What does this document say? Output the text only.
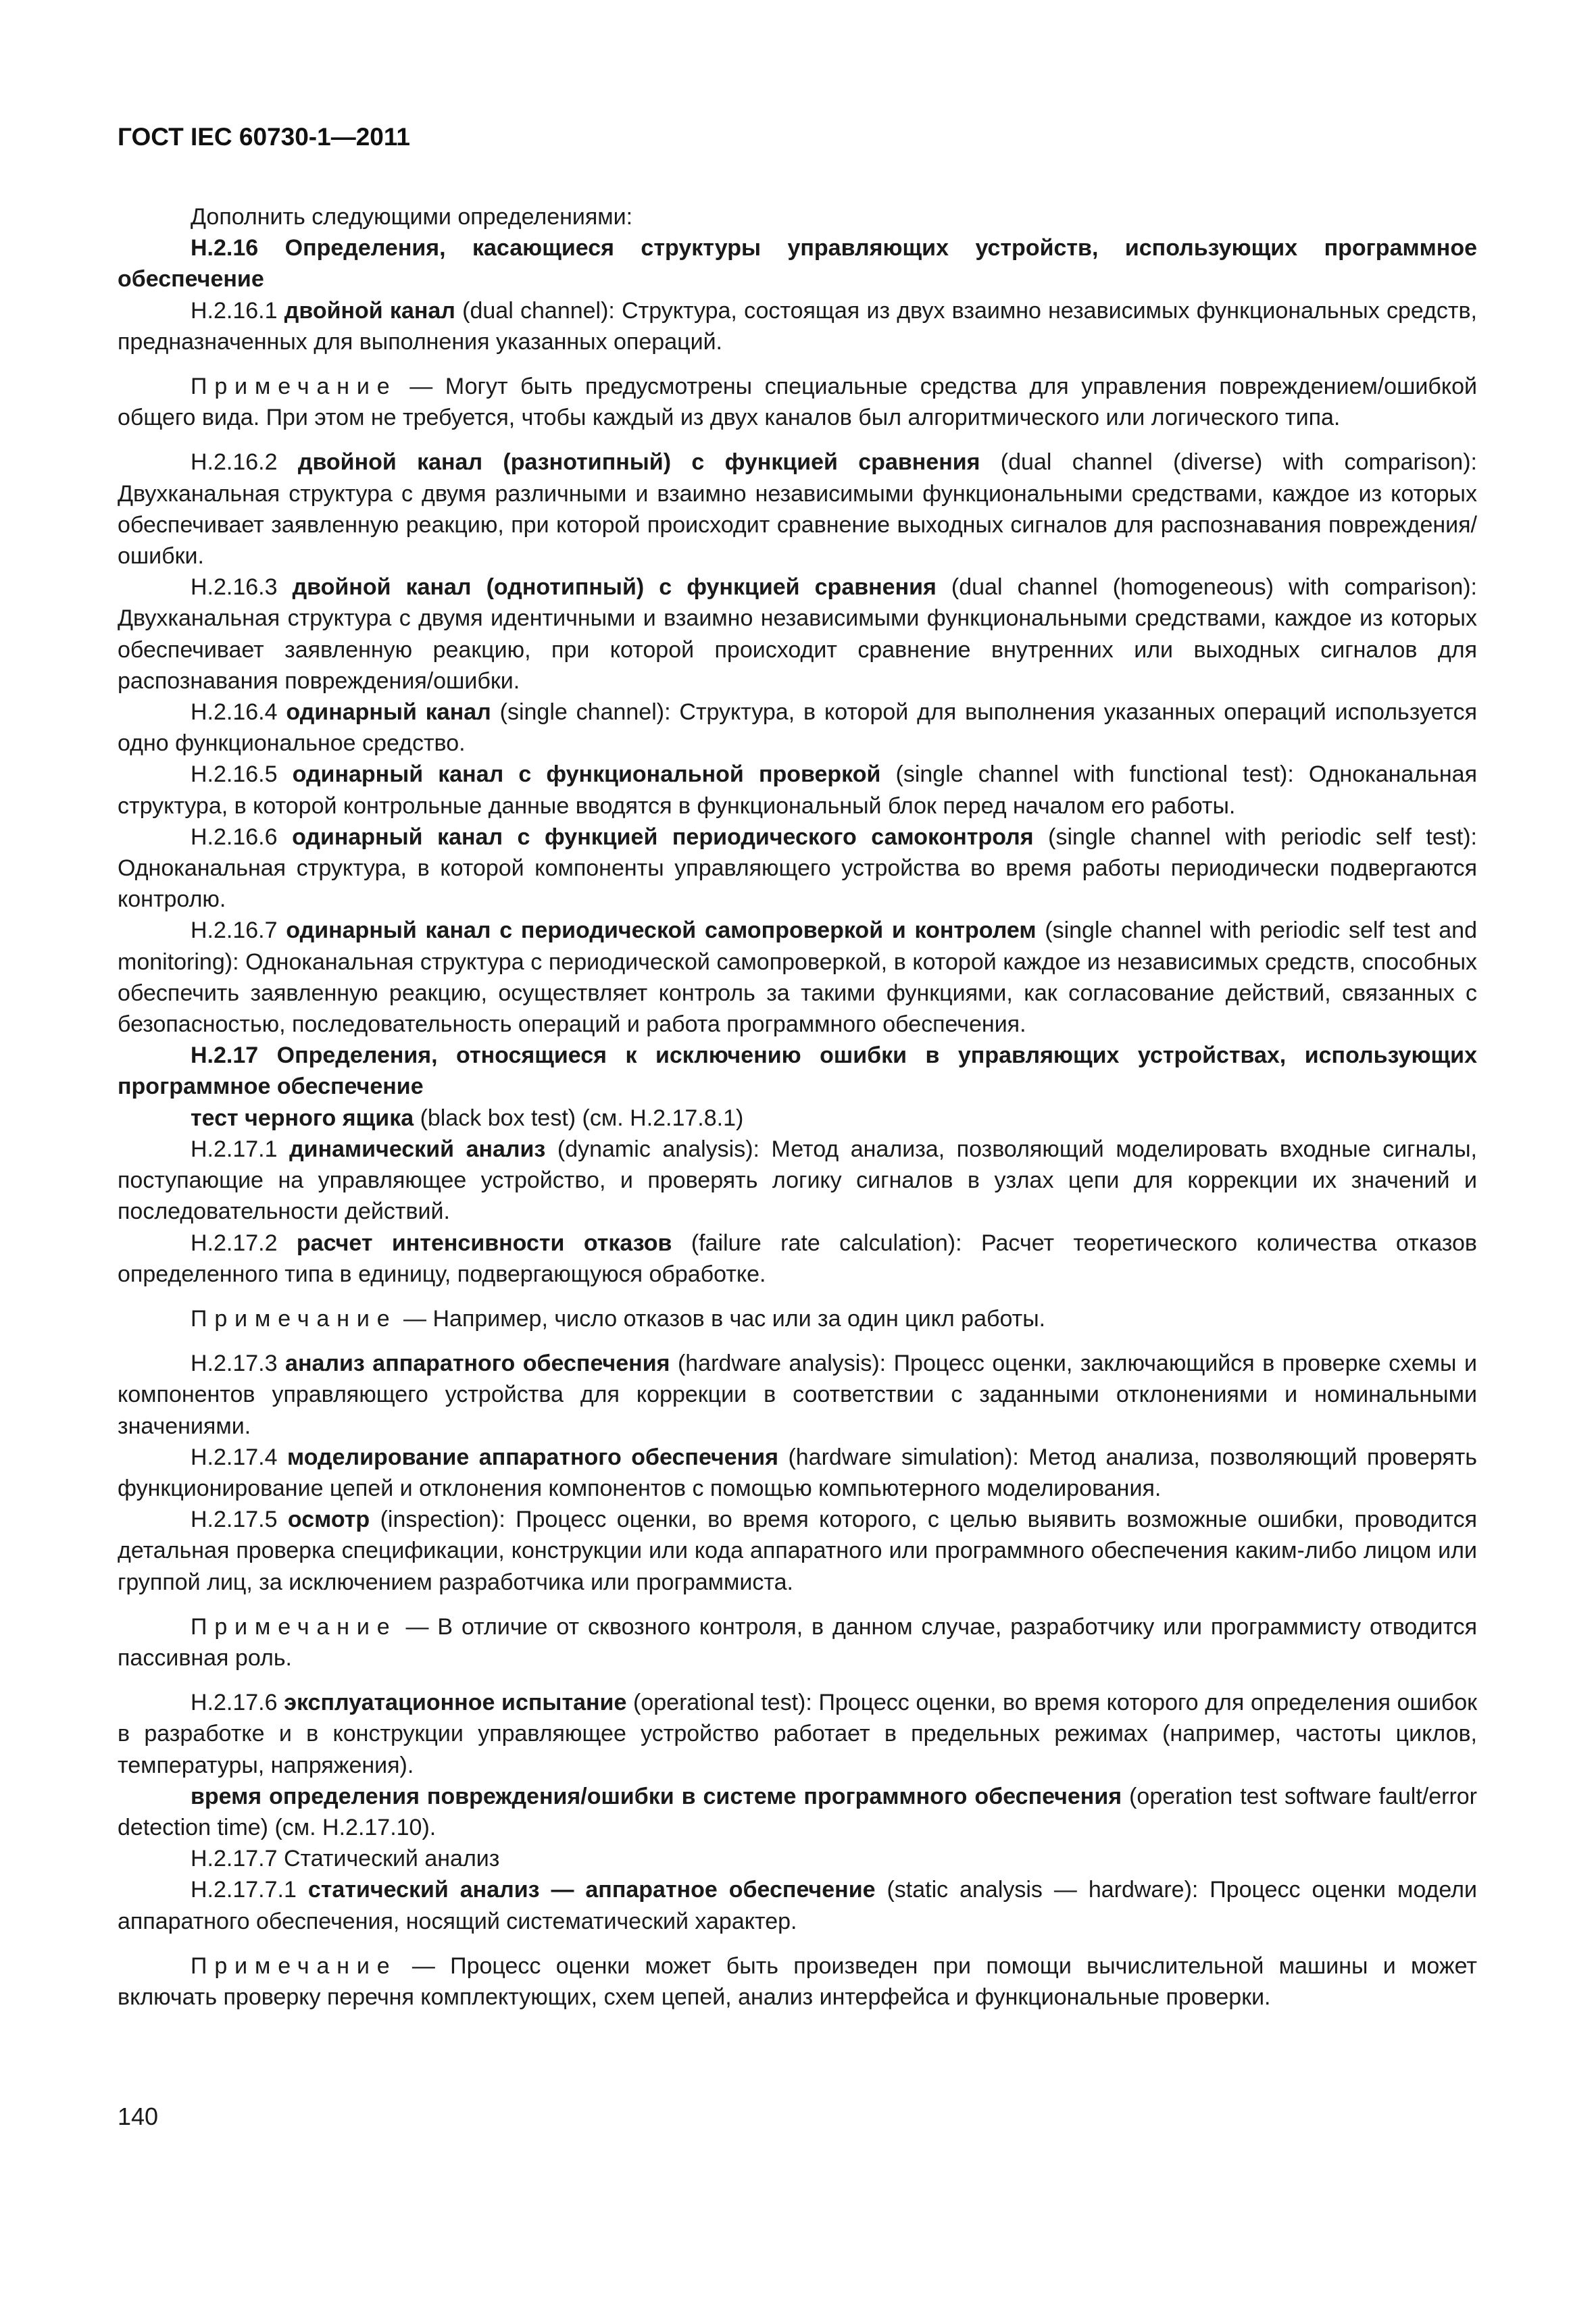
ГОСТ IEC 60730-1—2011

Дополнить следующими определениями:

H.2.16 Определения, касающиеся структуры управляющих устройств, использующих программное обеспечение

H.2.16.1 двойной канал (dual channel): Структура, состоящая из двух взаимно независимых функциональных средств, предназначенных для выполнения указанных операций.

Примечание — Могут быть предусмотрены специальные средства для управления повреждением/ошибкой общего вида. При этом не требуется, чтобы каждый из двух каналов был алгоритмического или логического типа.

H.2.16.2 двойной канал (разнотипный) с функцией сравнения (dual channel (diverse) with comparison): Двухканальная структура с двумя различными и взаимно независимыми функциональными средствами, каждое из которых обеспечивает заявленную реакцию, при которой происходит сравнение выходных сигналов для распознавания повреждения/ошибки.

H.2.16.3 двойной канал (однотипный) с функцией сравнения (dual channel (homogeneous) with comparison): Двухканальная структура с двумя идентичными и взаимно независимыми функциональными средствами, каждое из которых обеспечивает заявленную реакцию, при которой происходит сравнение внутренних или выходных сигналов для распознавания повреждения/ошибки.

H.2.16.4 одинарный канал (single channel): Структура, в которой для выполнения указанных операций используется одно функциональное средство.

H.2.16.5 одинарный канал с функциональной проверкой (single channel with functional test): Одноканальная структура, в которой контрольные данные вводятся в функциональный блок перед началом его работы.

H.2.16.6 одинарный канал с функцией периодического самоконтроля (single channel with periodic self test): Одноканальная структура, в которой компоненты управляющего устройства во время работы периодически подвергаются контролю.

H.2.16.7 одинарный канал с периодической самопроверкой и контролем (single channel with periodic self test and monitoring): Одноканальная структура с периодической самопроверкой, в которой каждое из независимых средств, способных обеспечить заявленную реакцию, осуществляет контроль за такими функциями, как согласование действий, связанных с безопасностью, последовательность операций и работа программного обеспечения.

H.2.17 Определения, относящиеся к исключению ошибки в управляющих устройствах, использующих программное обеспечение

тест черного ящика (black box test) (см. H.2.17.8.1)

H.2.17.1 динамический анализ (dynamic analysis): Метод анализа, позволяющий моделировать входные сигналы, поступающие на управляющее устройство, и проверять логику сигналов в узлах цепи для коррекции их значений и последовательности действий.

H.2.17.2 расчет интенсивности отказов (failure rate calculation): Расчет теоретического количества отказов определенного типа в единицу, подвергающуюся обработке.

Примечание — Например, число отказов в час или за один цикл работы.

H.2.17.3 анализ аппаратного обеспечения (hardware analysis): Процесс оценки, заключающийся в проверке схемы и компонентов управляющего устройства для коррекции в соответствии с заданными отклонениями и номинальными значениями.

H.2.17.4 моделирование аппаратного обеспечения (hardware simulation): Метод анализа, позволяющий проверять функционирование цепей и отклонения компонентов с помощью компьютерного моделирования.

H.2.17.5 осмотр (inspection): Процесс оценки, во время которого, с целью выявить возможные ошибки, проводится детальная проверка спецификации, конструкции или кода аппаратного или программного обеспечения каким-либо лицом или группой лиц, за исключением разработчика или программиста.

Примечание — В отличие от сквозного контроля, в данном случае, разработчику или программисту отводится пассивная роль.

H.2.17.6 эксплуатационное испытание (operational test): Процесс оценки, во время которого для определения ошибок в разработке и в конструкции управляющее устройство работает в предельных режимах (например, частоты циклов, температуры, напряжения).

время определения повреждения/ошибки в системе программного обеспечения (operation test software fault/error detection time) (см. H.2.17.10).

H.2.17.7 Статический анализ

H.2.17.7.1 статический анализ — аппаратное обеспечение (static analysis — hardware): Процесс оценки модели аппаратного обеспечения, носящий систематический характер.

Примечание — Процесс оценки может быть произведен при помощи вычислительной машины и может включать проверку перечня комплектующих, схем цепей, анализ интерфейса и функциональные проверки.

140
